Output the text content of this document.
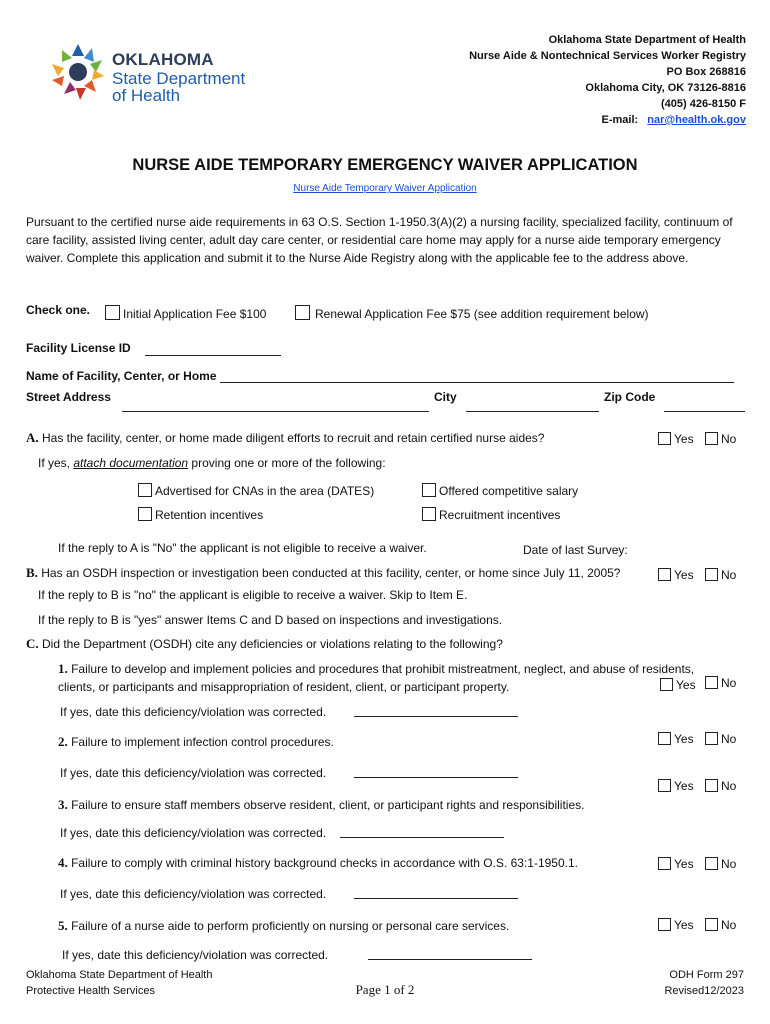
OKLAHOMA
State Department
of Health
Oklahoma State Department of Health
Nurse Aide & Nontechnical Services Worker Registry
PO Box 268816
Oklahoma City, OK 73126-8816
(405) 426-8150 F
E-mail: nar@health.ok.gov
NURSE AIDE TEMPORARY EMERGENCY WAIVER APPLICATION
Nurse Aide Temporary Waiver Application
Pursuant to the certified nurse aide requirements in 63 O.S. Section 1-1950.3(A)(2) a nursing facility, specialized facility, continuum of care facility, assisted living center, adult day care center, or residential care home may apply for a nurse aide temporary emergency waiver. Complete this application and submit it to the Nurse Aide Registry along with the applicable fee to the address above.
Check one.	Initial Application Fee $100	Renewal Application Fee $75 (see addition requirement below)
Facility License ID
Name of Facility, Center, or Home
Street Address	City	Zip Code
A. Has the facility, center, or home made diligent efforts to recruit and retain certified nurse aides?	Yes	No
If yes, attach documentation proving one or more of the following:
Advertised for CNAs in the area (DATES)	Offered competitive salary
Retention incentives	Recruitment incentives
If the reply to A is "No" the applicant is not eligible to receive a waiver.	Date of last Survey:
B. Has an OSDH inspection or investigation been conducted at this facility, center, or home since July 11, 2005?	Yes	No
If the reply to B is "no" the applicant is eligible to receive a waiver. Skip to Item E.
If the reply to B is "yes" answer Items C and D based on inspections and investigations.
C. Did the Department (OSDH) cite any deficiencies or violations relating to the following?
1. Failure to develop and implement policies and procedures that prohibit mistreatment, neglect, and abuse of residents,
clients, or participants and misappropriation of resident, client, or participant property.	Yes	No
If yes, date this deficiency/violation was corrected.
2. Failure to implement infection control procedures.	Yes	No
If yes, date this deficiency/violation was corrected.
Yes	No
3. Failure to ensure staff members observe resident, client, or participant rights and responsibilities.
If yes, date this deficiency/violation was corrected.
4. Failure to comply with criminal history background checks in accordance with O.S. 63:1-1950.1.	Yes	No
If yes, date this deficiency/violation was corrected.
5. Failure of a nurse aide to perform proficiently on nursing or personal care services.	Yes	No
If yes, date this deficiency/violation was corrected.
Oklahoma State Department of Health
Protective Health Services	Page 1 of 2
ODH Form 297
Revised12/2023
